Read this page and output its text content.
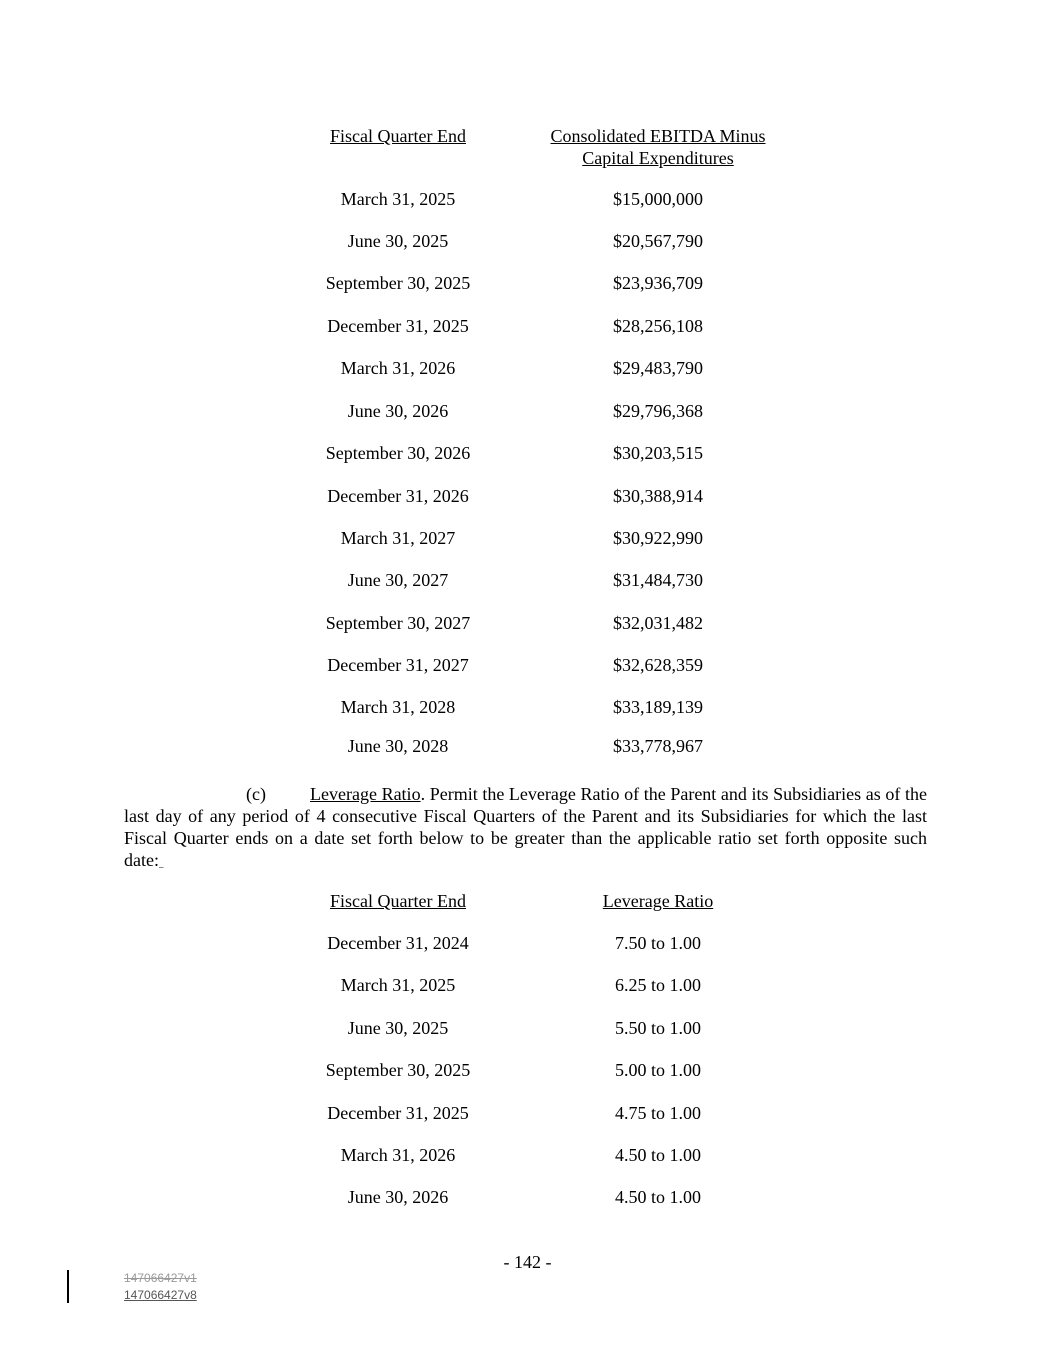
Fiscal Quarter End	Consolidated EBITDA Minus
Capital Expenditures
March 31, 2025	$15,000,000
June 30, 2025	$20,567,790
September 30, 2025	$23,936,709
December 31, 2025	$28,256,108
March 31, 2026	$29,483,790
June 30, 2026	$29,796,368
September 30, 2026	$30,203,515
December 31, 2026	$30,388,914
March 31, 2027	$30,922,990
June 30, 2027	$31,484,730
September 30, 2027	$32,031,482
December 31, 2027	$32,628,359
March 31, 2028	$33,189,139
June 30, 2028	$33,778,967
(c) Leverage Ratio. Permit the Leverage Ratio of the Parent and its Subsidiaries as of the last day of any period of 4 consecutive Fiscal Quarters of the Parent and its Subsidiaries for which the last Fiscal Quarter ends on a date set forth below to be greater than the applicable ratio set forth opposite such date:
Fiscal Quarter End	Leverage Ratio
December 31, 2024	7.50 to 1.00
March 31, 2025	6.25 to 1.00
June 30, 2025	5.50 to 1.00
September 30, 2025	5.00 to 1.00
December 31, 2025	4.75 to 1.00
March 31, 2026	4.50 to 1.00
June 30, 2026	4.50 to 1.00
- 142 -
147066427v1
147066427v8
